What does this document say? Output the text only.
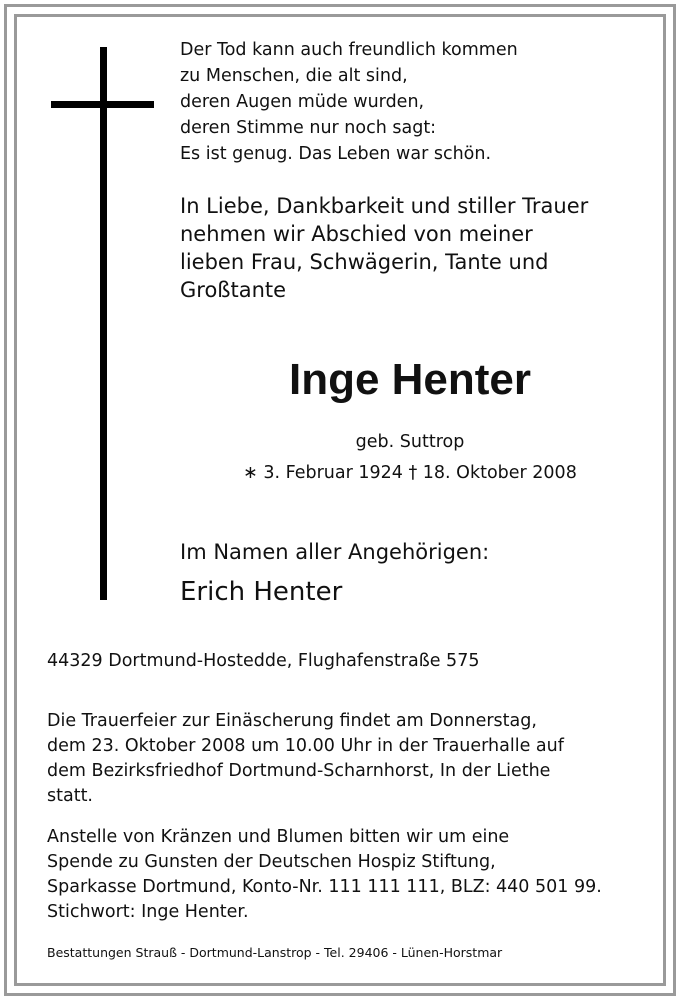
Der Tod kann auch freundlich kommen
zu Menschen, die alt sind,
deren Augen müde wurden,
deren Stimme nur noch sagt:
Es ist genug. Das Leben war schön.
In Liebe, Dankbarkeit und stiller Trauer
nehmen wir Abschied von meiner
lieben Frau, Schwägerin, Tante und
Großtante
Inge Henter
geb. Suttrop
∗ 3. Februar 1924 † 18. Oktober 2008
Im Namen aller Angehörigen:
Erich Henter
44329 Dortmund-Hostedde, Flughafenstraße 575
Die Trauerfeier zur Einäscherung findet am Donnerstag,
dem 23. Oktober 2008 um 10.00 Uhr in der Trauerhalle auf
dem Bezirksfriedhof Dortmund-Scharnhorst, In der Liethe
statt.
Anstelle von Kränzen und Blumen bitten wir um eine
Spende zu Gunsten der Deutschen Hospiz Stiftung,
Sparkasse Dortmund, Konto-Nr. 111 111 111, BLZ: 440 501 99.
Stichwort: Inge Henter.
Bestattungen Strauß - Dortmund-Lanstrop - Tel. 29406 - Lünen-Horstmar
